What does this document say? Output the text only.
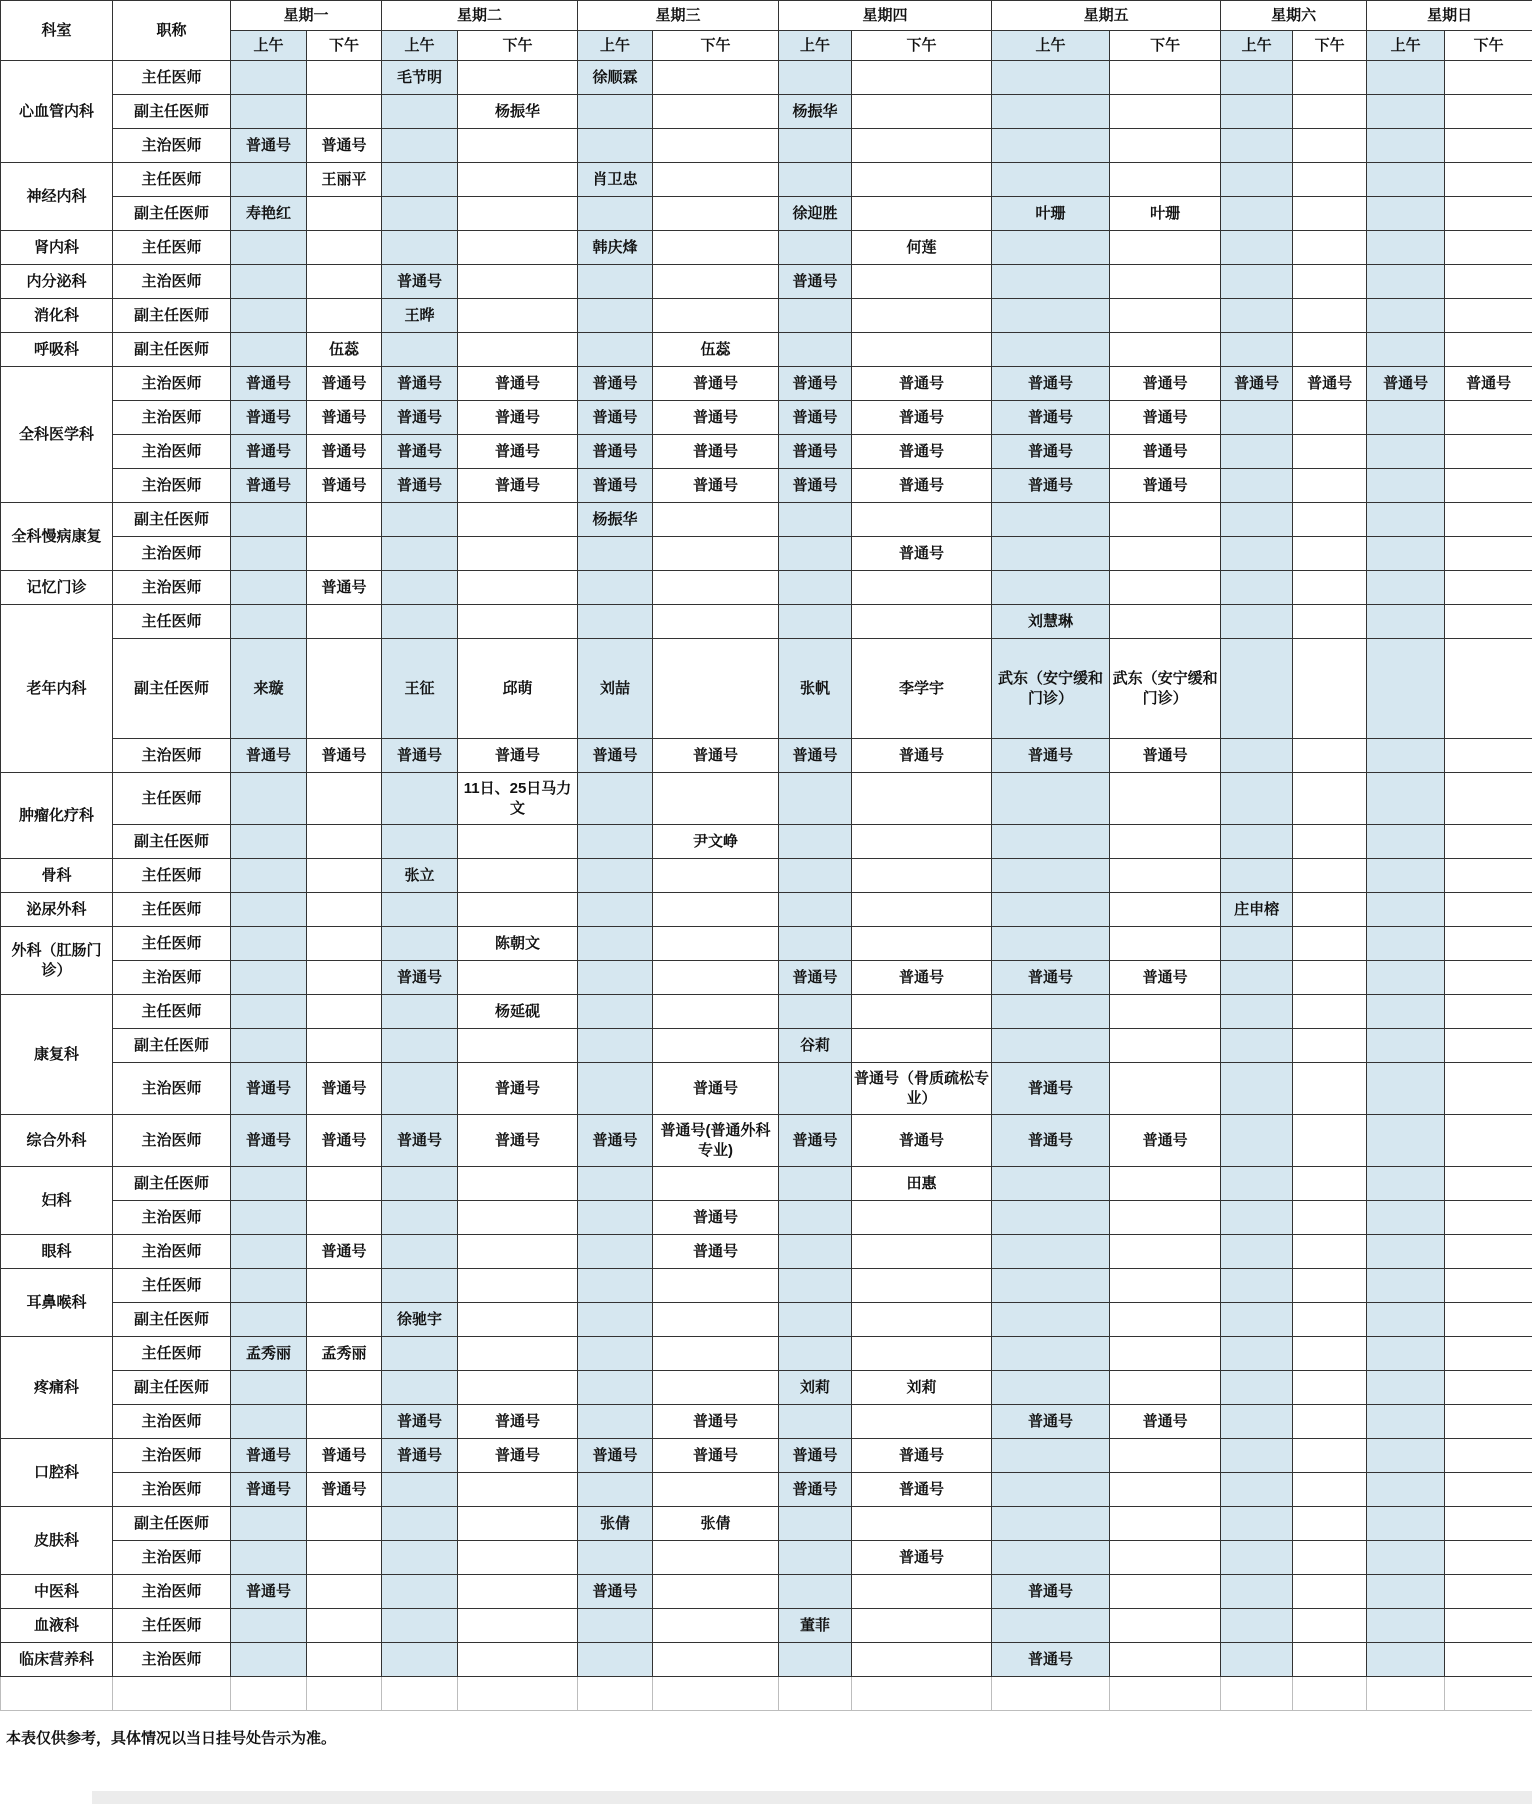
科室	职称	星期一		星期二		星期三		星期四		星期五		星期六		星期日	
		上午	下午	上午	下午	上午	下午	上午	下午	上午	下午	上午	下午	上午	下午
心血管内科	主任医师			毛节明		徐顺霖									
	副主任医师				杨振华			杨振华							
	主治医师	普通号	普通号												
神经内科	主任医师		王丽平			肖卫忠									
	副主任医师	寿艳红						徐迎胜		叶珊	叶珊				
肾内科	主任医师					韩庆烽			何莲						
内分泌科	主治医师			普通号				普通号							
消化科	副主任医师			王晔											
呼吸科	副主任医师		伍蕊				伍蕊								
全科医学科	主治医师	普通号	普通号	普通号	普通号	普通号	普通号	普通号	普通号	普通号	普通号	普通号	普通号	普通号	普通号
	主治医师	普通号	普通号	普通号	普通号	普通号	普通号	普通号	普通号	普通号	普通号				
	主治医师	普通号	普通号	普通号	普通号	普通号	普通号	普通号	普通号	普通号	普通号				
	主治医师	普通号	普通号	普通号	普通号	普通号	普通号	普通号	普通号	普通号	普通号				
全科慢病康复	副主任医师					杨振华									
	主治医师								普通号						
记忆门诊	主治医师		普通号												
老年内科	主任医师									刘慧琳					
	副主任医师	来璇		王征	邱萌	刘喆		张帆	李学宇	武东（安宁缓和门诊）	武东（安宁缓和门诊）				
	主治医师	普通号	普通号	普通号	普通号	普通号	普通号	普通号	普通号	普通号	普通号				
肿瘤化疗科	主任医师				11日、25日马力文										
	副主任医师						尹文峥								
骨科	主任医师			张立											
泌尿外科	主任医师											庄申榕			
外科（肛肠门诊）	主任医师				陈朝文										
	主治医师			普通号				普通号	普通号	普通号	普通号				
康复科	主任医师				杨延砚										
	副主任医师							谷莉							
	主治医师	普通号	普通号		普通号		普通号		普通号（骨质疏松专业）	普通号					
综合外科	主治医师	普通号	普通号	普通号	普通号	普通号	普通号(普通外科专业)	普通号	普通号	普通号	普通号				
妇科	副主任医师								田惠						
	主治医师						普通号								
眼科	主治医师		普通号				普通号								
耳鼻喉科	主任医师														
	副主任医师			徐驰宇											
疼痛科	主任医师	孟秀丽	孟秀丽												
	副主任医师							刘莉	刘莉						
	主治医师			普通号	普通号		普通号			普通号	普通号				
口腔科	主治医师	普通号	普通号	普通号	普通号	普通号	普通号	普通号	普通号						
	主治医师	普通号	普通号					普通号	普通号						
皮肤科	副主任医师					张倩	张倩								
	主治医师								普通号						
中医科	主治医师	普通号				普通号				普通号					
血液科	主任医师							董菲							
临床营养科	主治医师									普通号					

本表仅供参考，具体情况以当日挂号处告示为准。
